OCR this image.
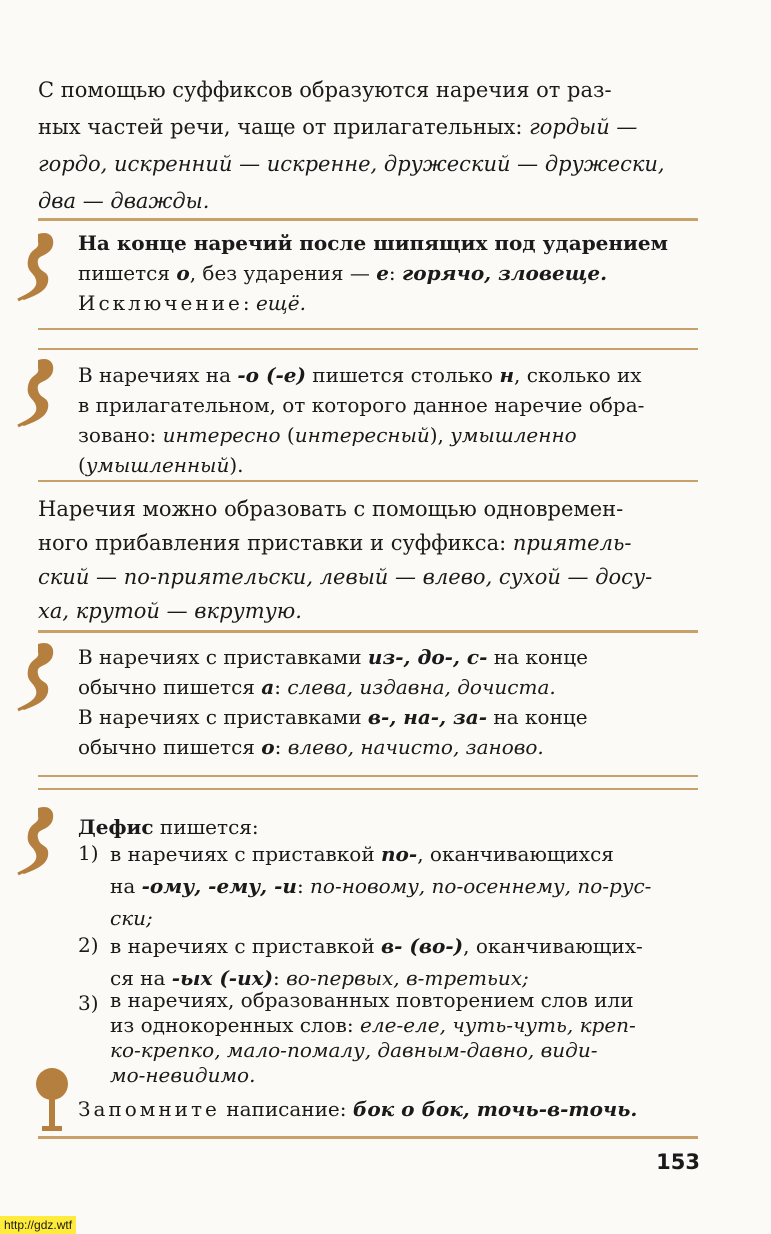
С помощью суффиксов образуются наречия от раз-
ных частей речи, чаще от прилагательных: гордый —
гордо, искренний — искренне, дружеский — дружески,
два — дважды.
На конце наречий после шипящих под ударением
пишется о, без ударения — е: горячо, зловеще.
Исключение: ещё.
В наречиях на -о (-е) пишется столько н, сколько их
в прилагательном, от которого данное наречие обра-
зовано: интересно (интересный), умышленно
(умышленный).
Наречия можно образовать с помощью одновремен-
ного прибавления приставки и суффикса: приятель-
ский — по-приятельски, левый — влево, сухой — досу-
ха, крутой — вкрутую.
В наречиях с приставками из-, до-, с- на конце
обычно пишется а: слева, издавна, дочиста.
В наречиях с приставками в-, на-, за- на конце
обычно пишется о: влево, начисто, заново.
Дефис пишется:
1) в наречиях с приставкой по-, оканчивающихся
на -ому, -ему, -и: по-новому, по-осеннему, по-рус-
ски;
2) в наречиях с приставкой в- (во-), оканчивающих-
ся на -ых (-их): во-первых, в-третьих;
3) в наречиях, образованных повторением слов или
из однокоренных слов: еле-еле, чуть-чуть, креп-
ко-крепко, мало-помалу, давным-давно, види-
мо-невидимо.
Запомните написание: бок о бок, точь-в-точь.
153
http://gdz.wtf
